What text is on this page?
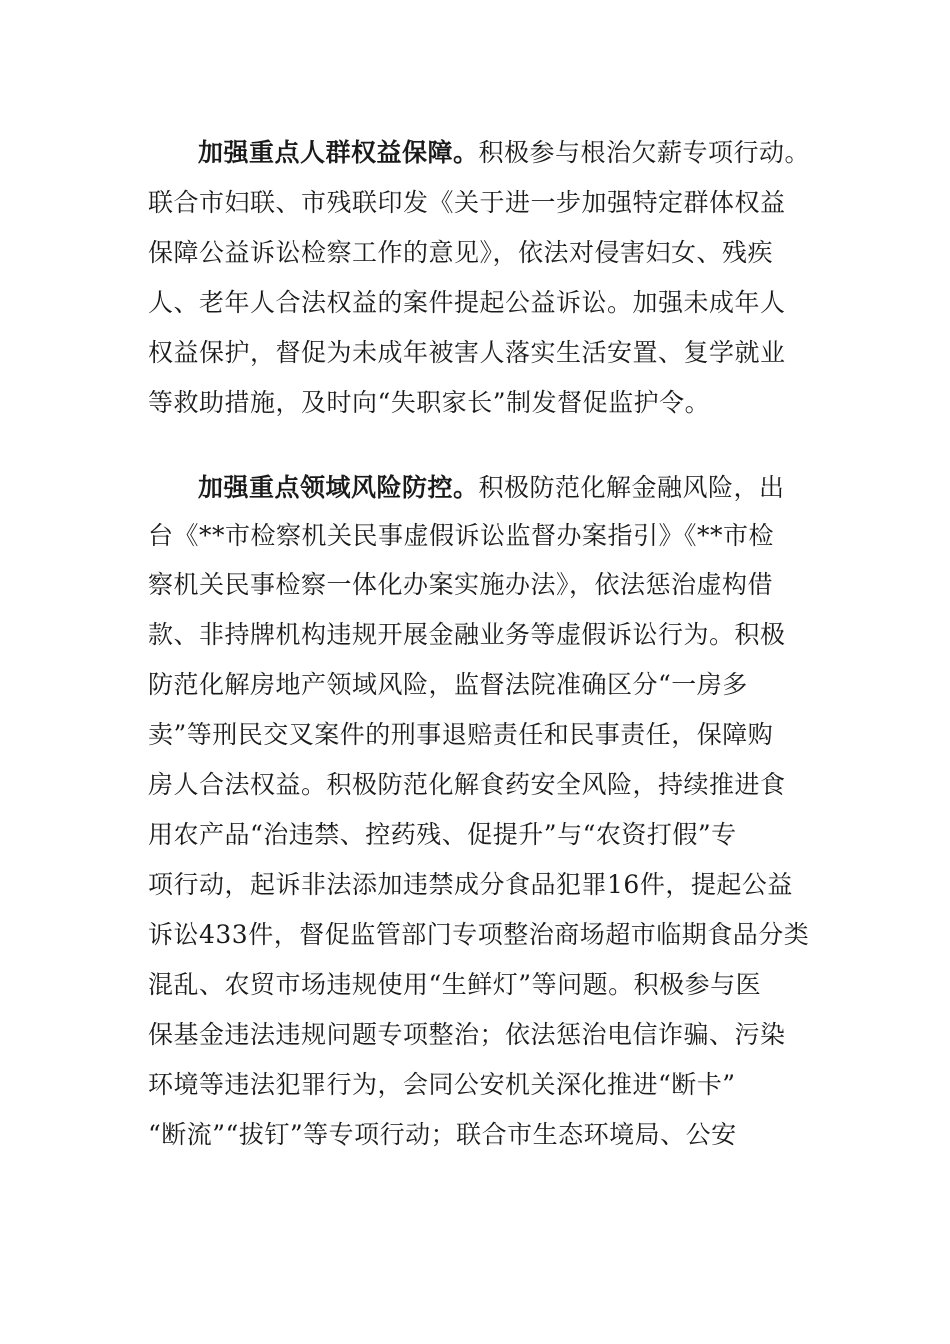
加强重点人群权益保障。积极参与根治欠薪专项行动。
联合市妇联、市残联印发《关于进一步加强特定群体权益
保障公益诉讼检察工作的意见》，依法对侵害妇女、残疾
人、老年人合法权益的案件提起公益诉讼。加强未成年人
权益保护，督促为未成年被害人落实生活安置、复学就业
等救助措施，及时向“失职家长”制发督促监护令。
加强重点领域风险防控。积极防范化解金融风险，出
台《**市检察机关民事虚假诉讼监督办案指引》《**市检
察机关民事检察一体化办案实施办法》，依法惩治虚构借
款、非持牌机构违规开展金融业务等虚假诉讼行为。积极
防范化解房地产领域风险，监督法院准确区分“一房多
卖”等刑民交叉案件的刑事退赔责任和民事责任，保障购
房人合法权益。积极防范化解食药安全风险，持续推进食
用农产品“治违禁、控药残、促提升”与“农资打假”专
项行动，起诉非法添加违禁成分食品犯罪16件，提起公益
诉讼433件，督促监管部门专项整治商场超市临期食品分类
混乱、农贸市场违规使用“生鲜灯”等问题。积极参与医
保基金违法违规问题专项整治；依法惩治电信诈骗、污染
环境等违法犯罪行为，会同公安机关深化推进“断卡”
“断流”“拔钉”等专项行动；联合市生态环境局、公安
